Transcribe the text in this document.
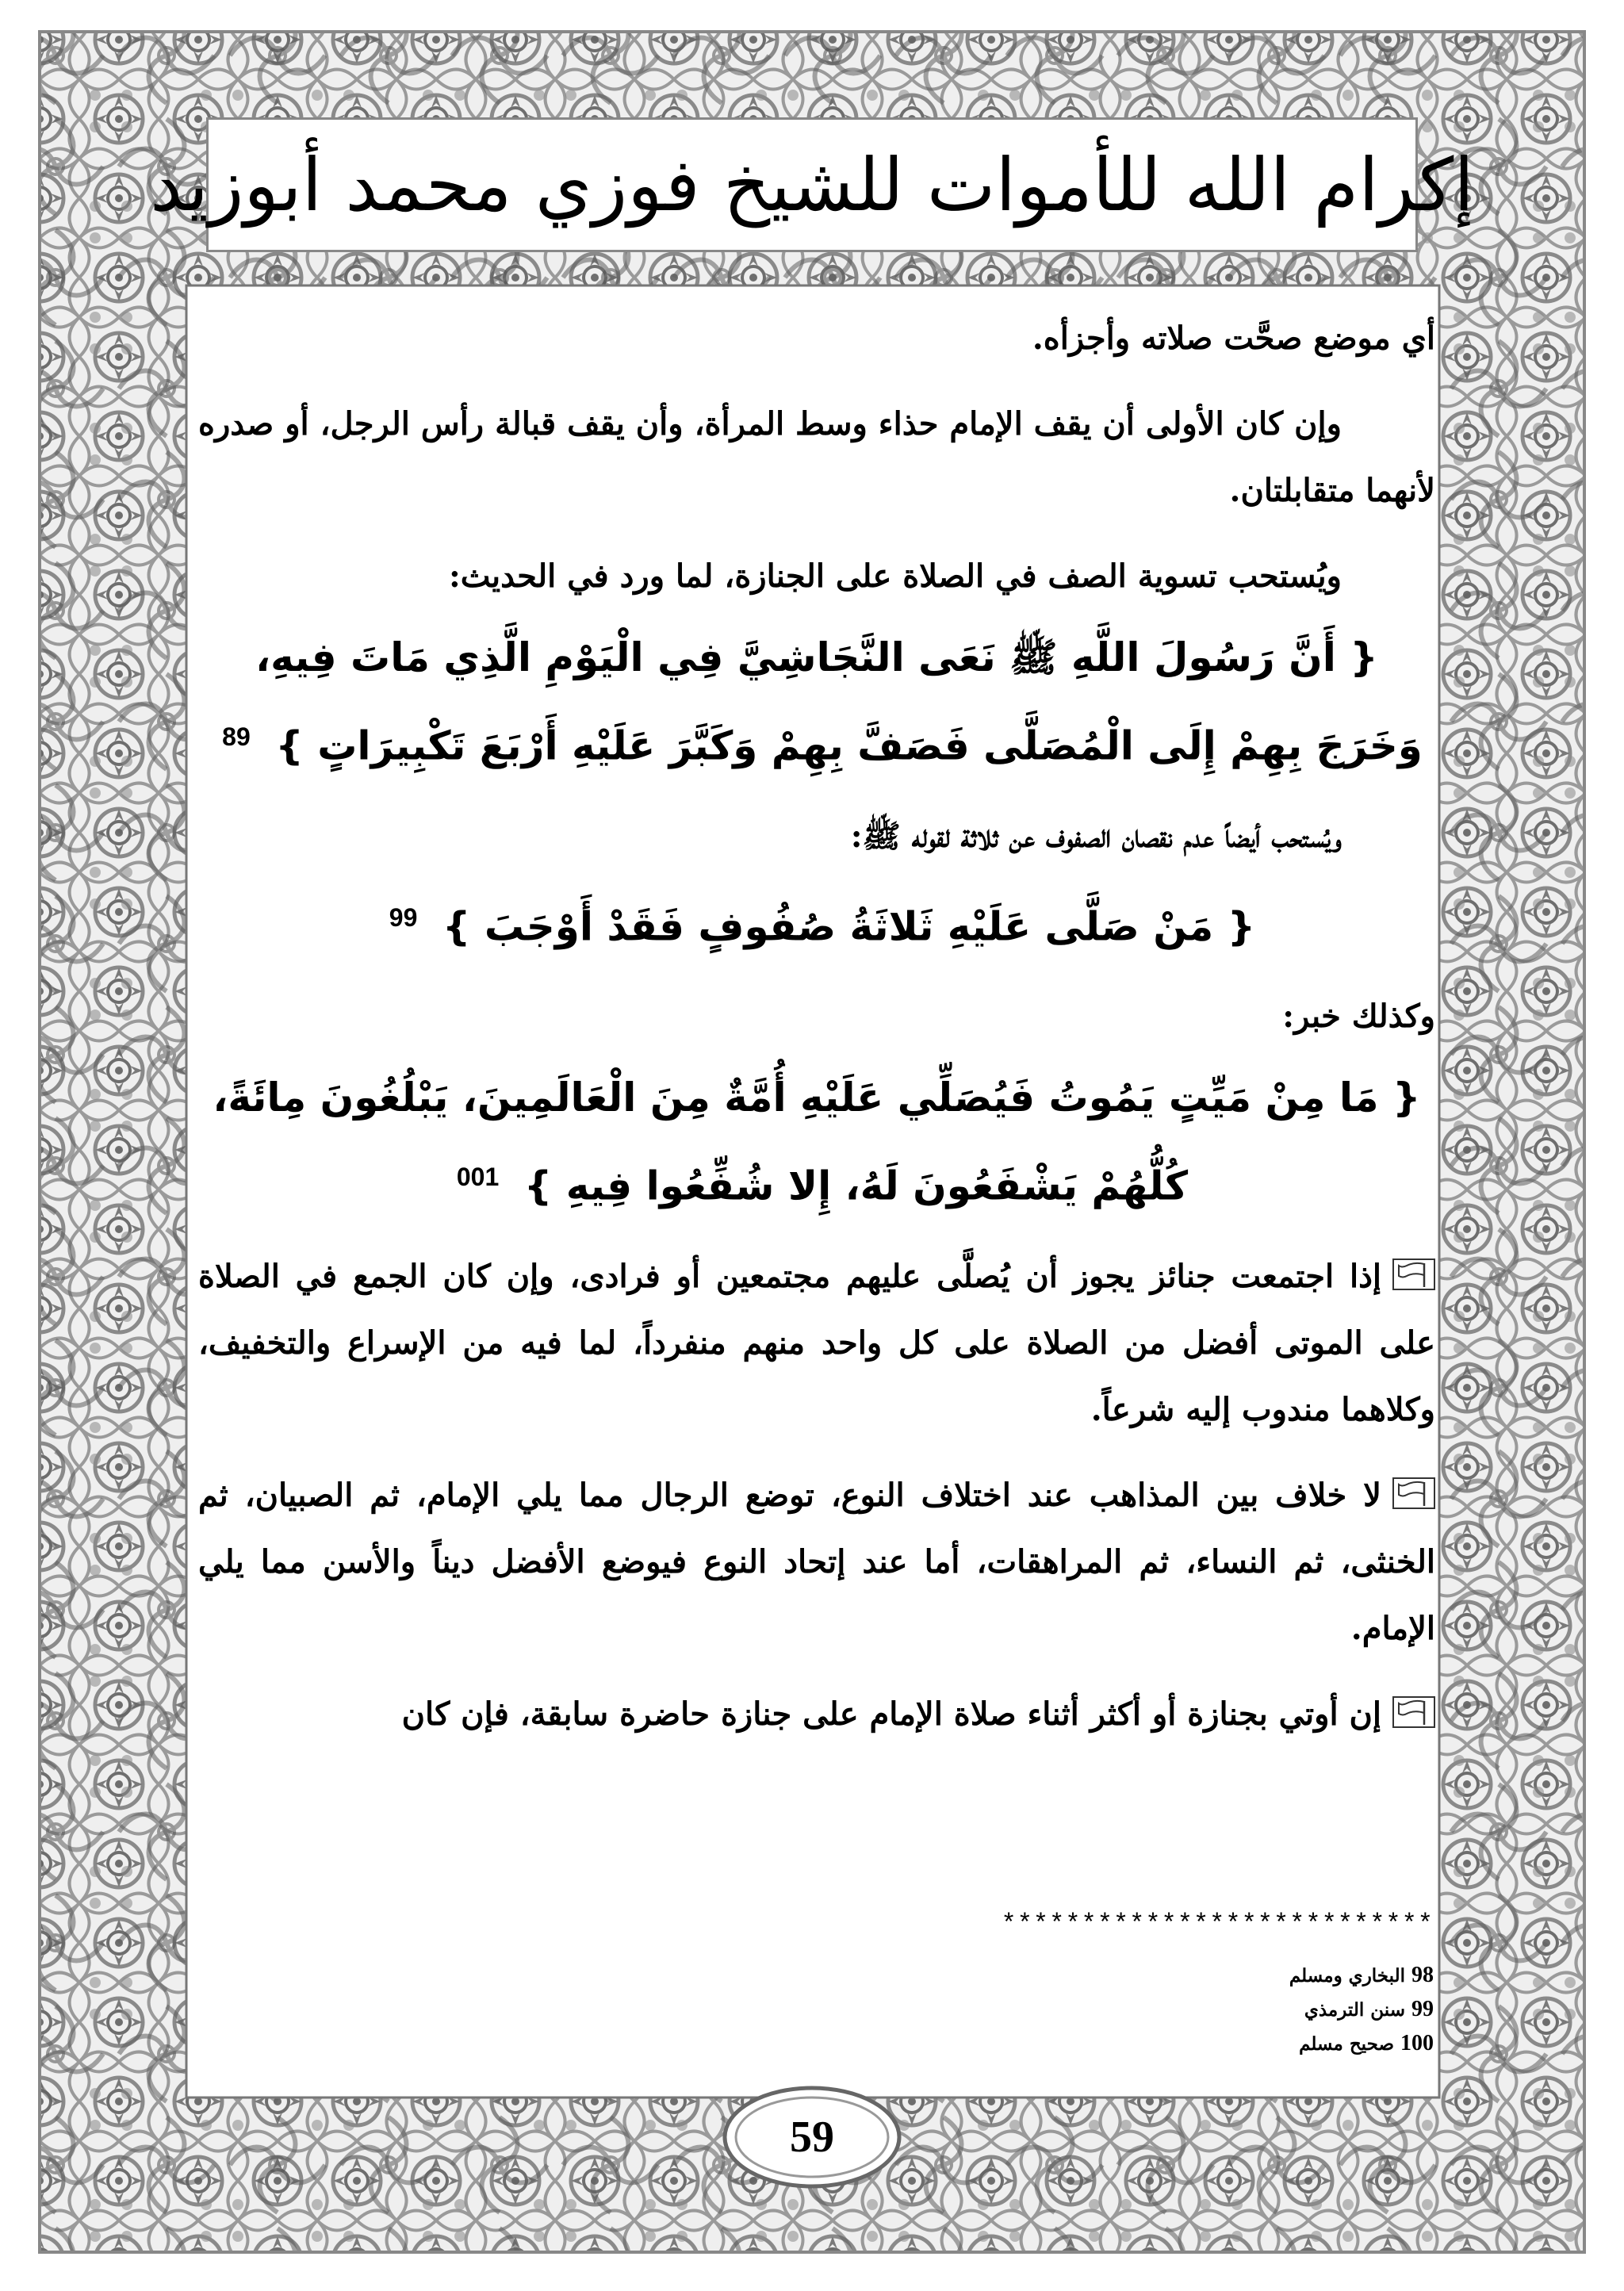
إكرام الله للأموات للشيخ فوزي محمد أبوزيد

أي موضع صحَّت صلاته وأجزأه.

وإن كان الأولى أن يقف الإمام حذاء وسط المرأة، وأن يقف قبالة رأس الرجل، أو صدره لأنهما متقابلتان.

ويُستحب تسوية الصف في الصلاة على الجنازة، لما ورد في الحديث:

{ أَنَّ رَسُولَ اللَّهِ ﷺ نَعَى النَّجَاشِيَّ فِي الْيَوْمِ الَّذِي مَاتَ فِيهِ، وَخَرَجَ بِهِمْ إِلَى الْمُصَلَّى فَصَفَّ بِهِمْ وَكَبَّرَ عَلَيْهِ أَرْبَعَ تَكْبِيرَاتٍ } $^{89}$

ويُستحب أيضاً عدم نقصان الصفوف عن ثلاثة لقوله ﷺ:

{ مَنْ صَلَّى عَلَيْهِ ثَلاثَةُ صُفُوفٍ فَقَدْ أَوْجَبَ } $^{99}$

وكذلك خبر:

{ مَا مِنْ مَيِّتٍ يَمُوتُ فَيُصَلِّي عَلَيْهِ أُمَّةٌ مِنَ الْعَالَمِينَ، يَبْلُغُونَ مِائَةً، كُلُّهُمْ يَشْفَعُونَ لَهُ، إِلا شُفِّعُوا فِيهِ } $^{001}$

إذا اجتمعت جنائز يجوز أن يُصلَّى عليهم مجتمعين أو فرادى، وإن كان الجمع في الصلاة على الموتى أفضل من الصلاة على كل واحد منهم منفرداً، لما فيه من الإسراع والتخفيف، وكلاهما مندوب إليه شرعاً.

لا خلاف بين المذاهب عند اختلاف النوع، توضع الرجال مما يلي الإمام، ثم الصبيان، ثم الخنثى، ثم النساء، ثم المراهقات، أما عند إتحاد النوع فيوضع الأفضل ديناً والأسن مما يلي الإمام.

إن أوتي بجنازة أو أكثر أثناء صلاة الإمام على جنازة حاضرة سابقة، فإن كان

***************************
98البخاري ومسلم
99سنن الترمذي
100صحيح مسلم
59
